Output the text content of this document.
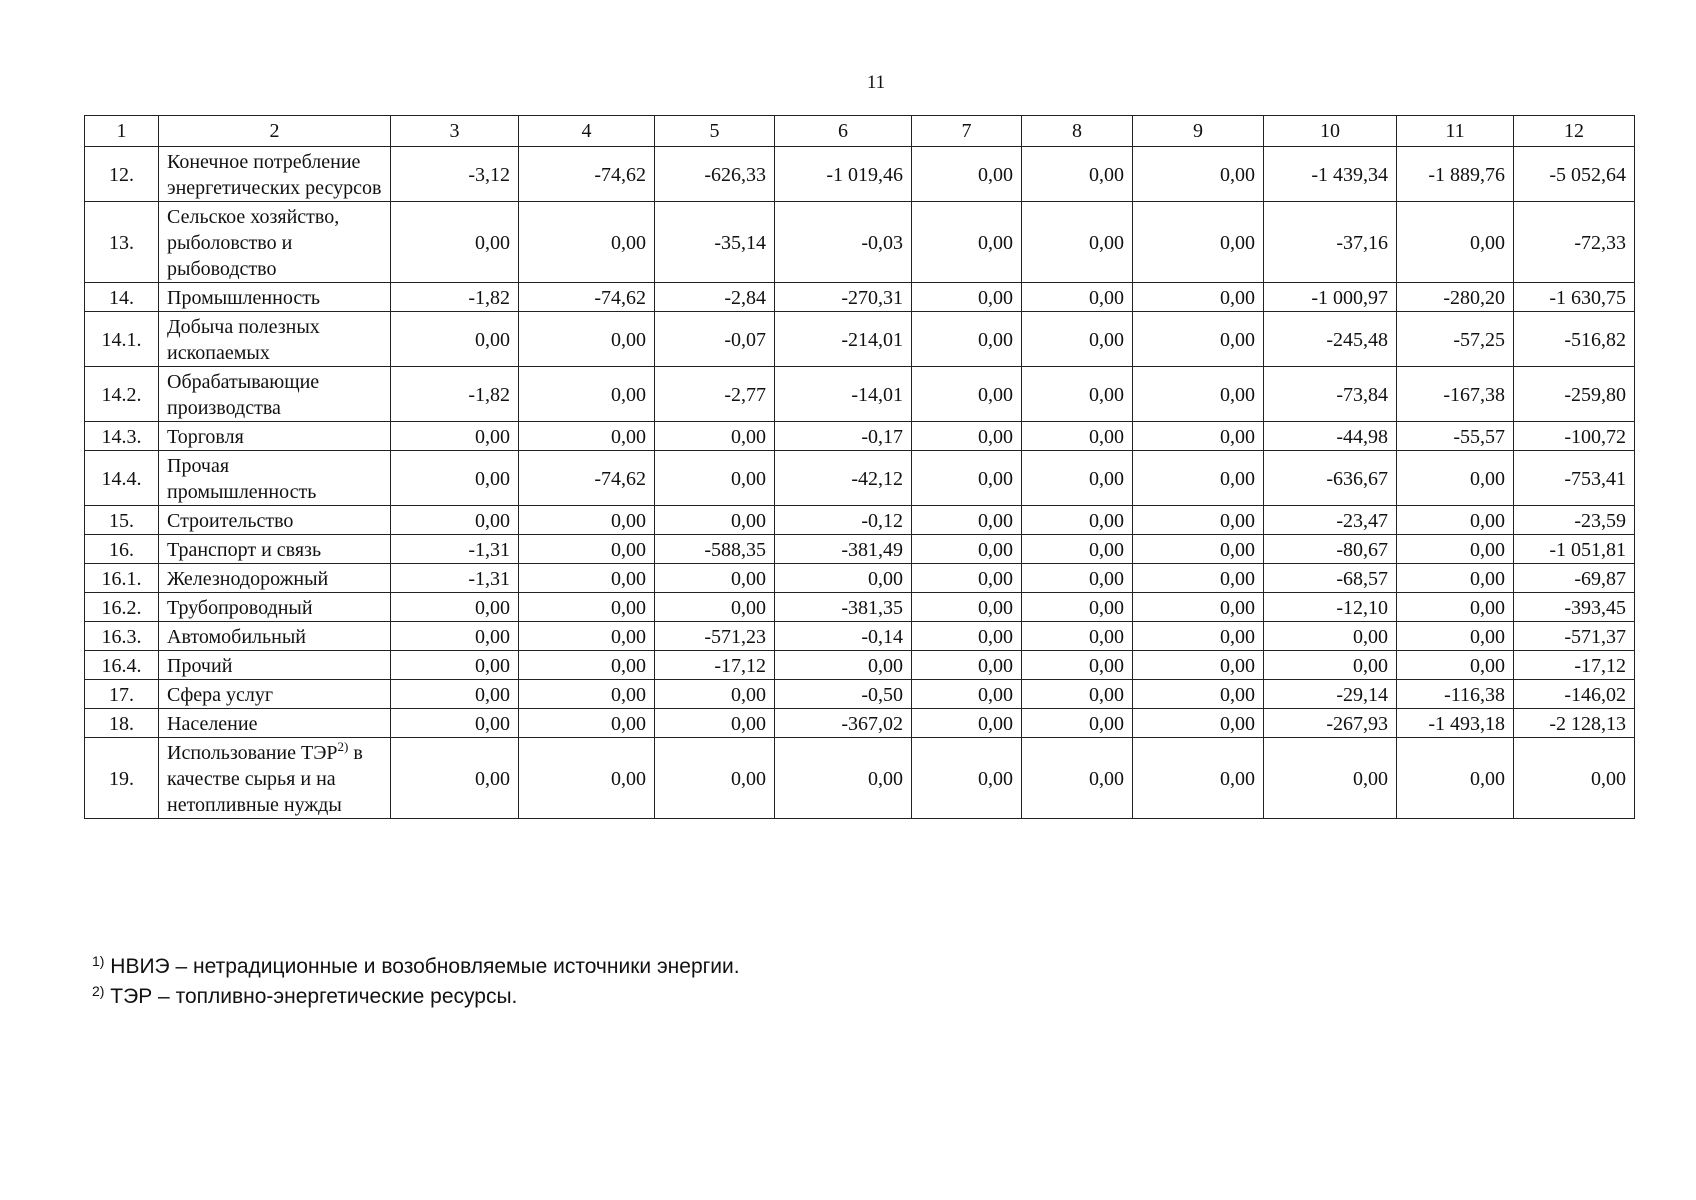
11
1	2	3	4	5	6	7	8	9	10	11	12
12.	Конечное потребление энергетических ресурсов	-3,12	-74,62	-626,33	-1 019,46	0,00	0,00	0,00	-1 439,34	-1 889,76	-5 052,64
13.	Сельское хозяйство, рыболовство и рыбоводство	0,00	0,00	-35,14	-0,03	0,00	0,00	0,00	-37,16	0,00	-72,33
14.	Промышленность	-1,82	-74,62	-2,84	-270,31	0,00	0,00	0,00	-1 000,97	-280,20	-1 630,75
14.1.	Добыча полезных ископаемых	0,00	0,00	-0,07	-214,01	0,00	0,00	0,00	-245,48	-57,25	-516,82
14.2.	Обрабатывающие производства	-1,82	0,00	-2,77	-14,01	0,00	0,00	0,00	-73,84	-167,38	-259,80
14.3.	Торговля	0,00	0,00	0,00	-0,17	0,00	0,00	0,00	-44,98	-55,57	-100,72
14.4.	Прочая промышленность	0,00	-74,62	0,00	-42,12	0,00	0,00	0,00	-636,67	0,00	-753,41
15.	Строительство	0,00	0,00	0,00	-0,12	0,00	0,00	0,00	-23,47	0,00	-23,59
16.	Транспорт и связь	-1,31	0,00	-588,35	-381,49	0,00	0,00	0,00	-80,67	0,00	-1 051,81
16.1.	Железнодорожный	-1,31	0,00	0,00	0,00	0,00	0,00	0,00	-68,57	0,00	-69,87
16.2.	Трубопроводный	0,00	0,00	0,00	-381,35	0,00	0,00	0,00	-12,10	0,00	-393,45
16.3.	Автомобильный	0,00	0,00	-571,23	-0,14	0,00	0,00	0,00	0,00	0,00	-571,37
16.4.	Прочий	0,00	0,00	-17,12	0,00	0,00	0,00	0,00	0,00	0,00	-17,12
17.	Сфера услуг	0,00	0,00	0,00	-0,50	0,00	0,00	0,00	-29,14	-116,38	-146,02
18.	Население	0,00	0,00	0,00	-367,02	0,00	0,00	0,00	-267,93	-1 493,18	-2 128,13
19.	Использование ТЭР$^{2)}$ в качестве сырья и на нетопливные нужды	0,00	0,00	0,00	0,00	0,00	0,00	0,00	0,00	0,00	0,00
$^{1)}$ НВИЭ – нетрадиционные и возобновляемые источники энергии.
$^{2)}$ ТЭР – топливно-энергетические ресурсы.
